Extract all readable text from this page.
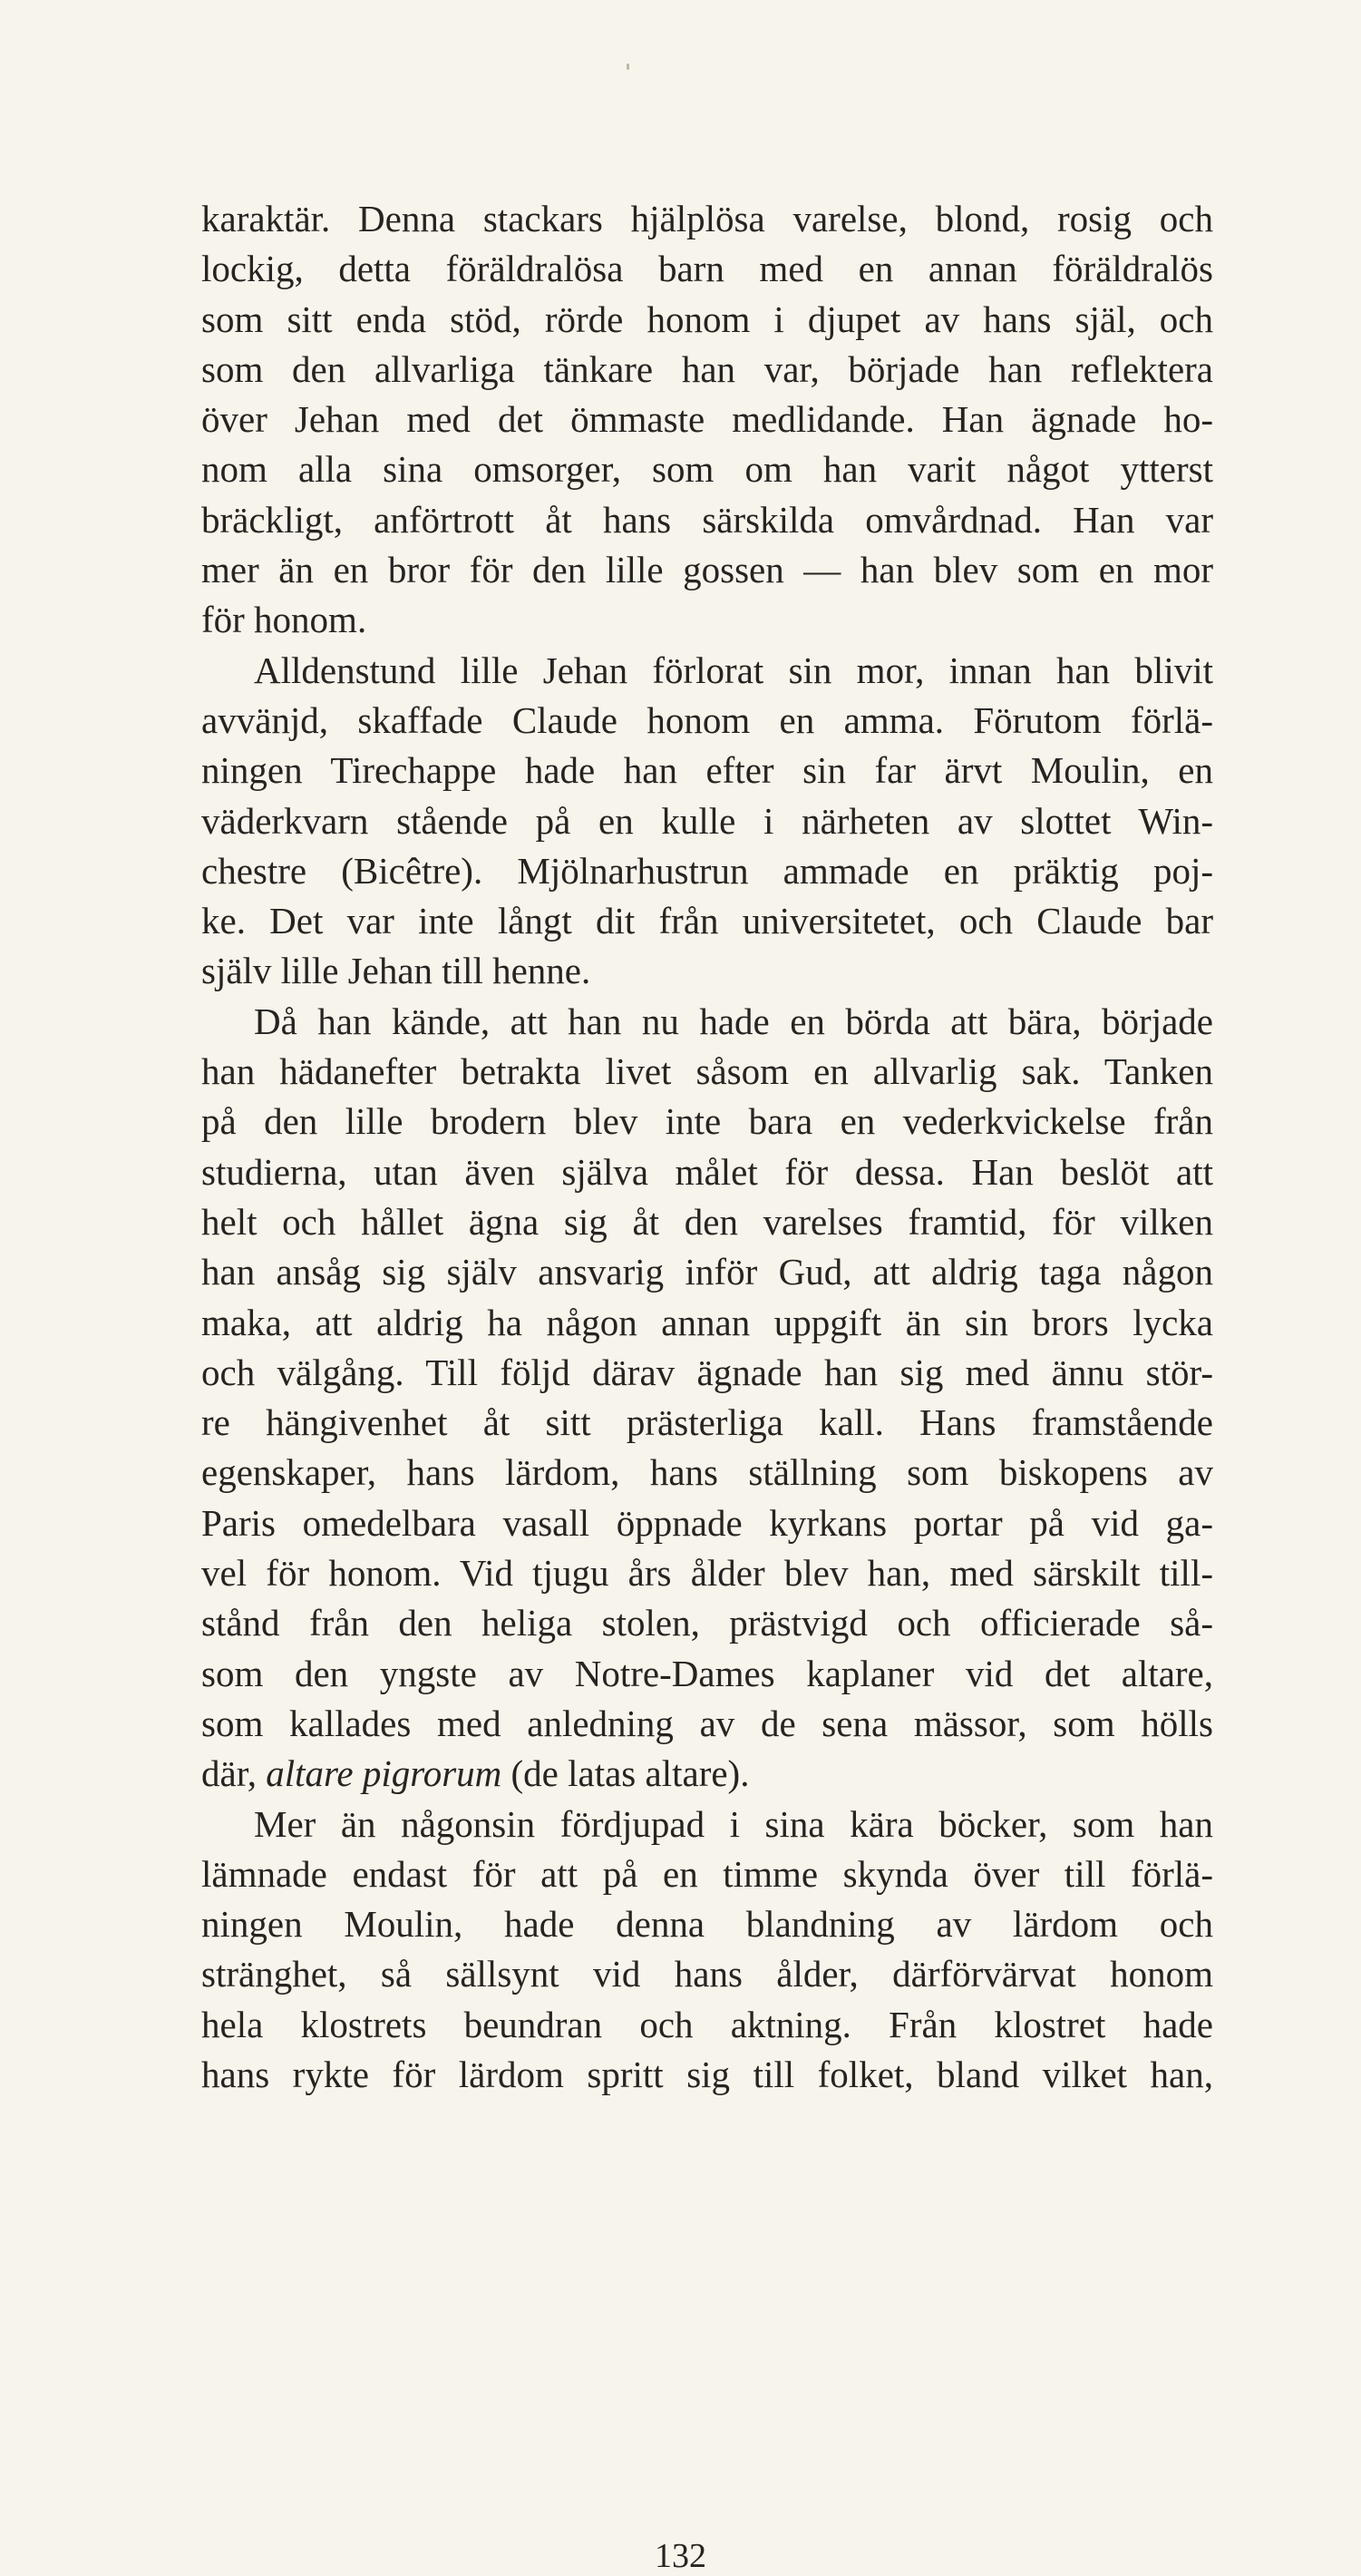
karaktär. Denna stackars hjälplösa varelse, blond, rosig och
lockig, detta föräldralösa barn med en annan föräldralös
som sitt enda stöd, rörde honom i djupet av hans själ, och
som den allvarliga tänkare han var, började han reflektera
över Jehan med det ömmaste medlidande. Han ägnade ho-
nom alla sina omsorger, som om han varit något ytterst
bräckligt, anförtrott åt hans särskilda omvårdnad. Han var
mer än en bror för den lille gossen — han blev som en mor
för honom.
Alldenstund lille Jehan förlorat sin mor, innan han blivit
avvänjd, skaffade Claude honom en amma. Förutom förlä-
ningen Tirechappe hade han efter sin far ärvt Moulin, en
väderkvarn stående på en kulle i närheten av slottet Win-
chestre (Bicêtre). Mjölnarhustrun ammade en präktig poj-
ke. Det var inte långt dit från universitetet, och Claude bar
själv lille Jehan till henne.
Då han kände, att han nu hade en börda att bära, började
han hädanefter betrakta livet såsom en allvarlig sak. Tanken
på den lille brodern blev inte bara en vederkvickelse från
studierna, utan även själva målet för dessa. Han beslöt att
helt och hållet ägna sig åt den varelses framtid, för vilken
han ansåg sig själv ansvarig inför Gud, att aldrig taga någon
maka, att aldrig ha någon annan uppgift än sin brors lycka
och välgång. Till följd därav ägnade han sig med ännu stör-
re hängivenhet åt sitt prästerliga kall. Hans framstående
egenskaper, hans lärdom, hans ställning som biskopens av
Paris omedelbara vasall öppnade kyrkans portar på vid ga-
vel för honom. Vid tjugu års ålder blev han, med särskilt till-
stånd från den heliga stolen, prästvigd och officierade så-
som den yngste av Notre-Dames kaplaner vid det altare,
som kallades med anledning av de sena mässor, som hölls
där, altare pigrorum (de latas altare).
Mer än någonsin fördjupad i sina kära böcker, som han
lämnade endast för att på en timme skynda över till förlä-
ningen Moulin, hade denna blandning av lärdom och
stränghet, så sällsynt vid hans ålder, därförvärvat honom
hela klostrets beundran och aktning. Från klostret hade
hans rykte för lärdom spritt sig till folket, bland vilket han,
132
